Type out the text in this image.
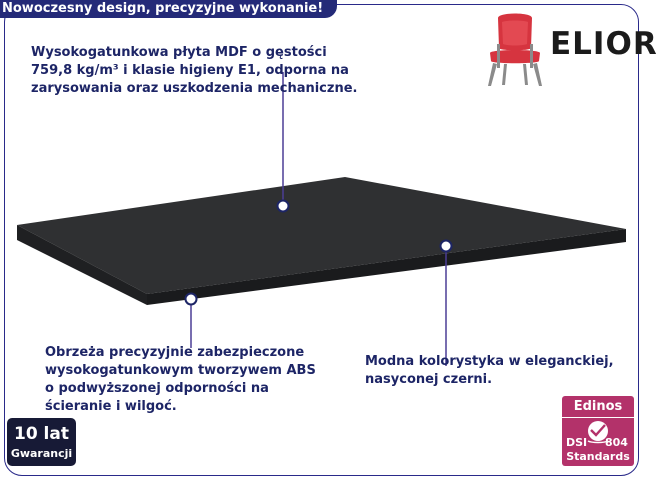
Nowoczesny design, precyzyjne wykonanie!
ELIOR

Wysokogatunkowa płyta MDF o gęstości
759,8 kg/m³ i klasie higieny E1, odporna na
zarysowania oraz uszkodzenia mechaniczne.

Obrzeża precyzyjnie zabezpieczone
wysokogatunkowym tworzywem ABS
o podwyższonej odporności na
ścieranie i wilgoć.

Modna kolorystyka w eleganckiej,
nasyconej czerni.

10 lat
Gwarancji
Edinos
DSI 804
Standards
